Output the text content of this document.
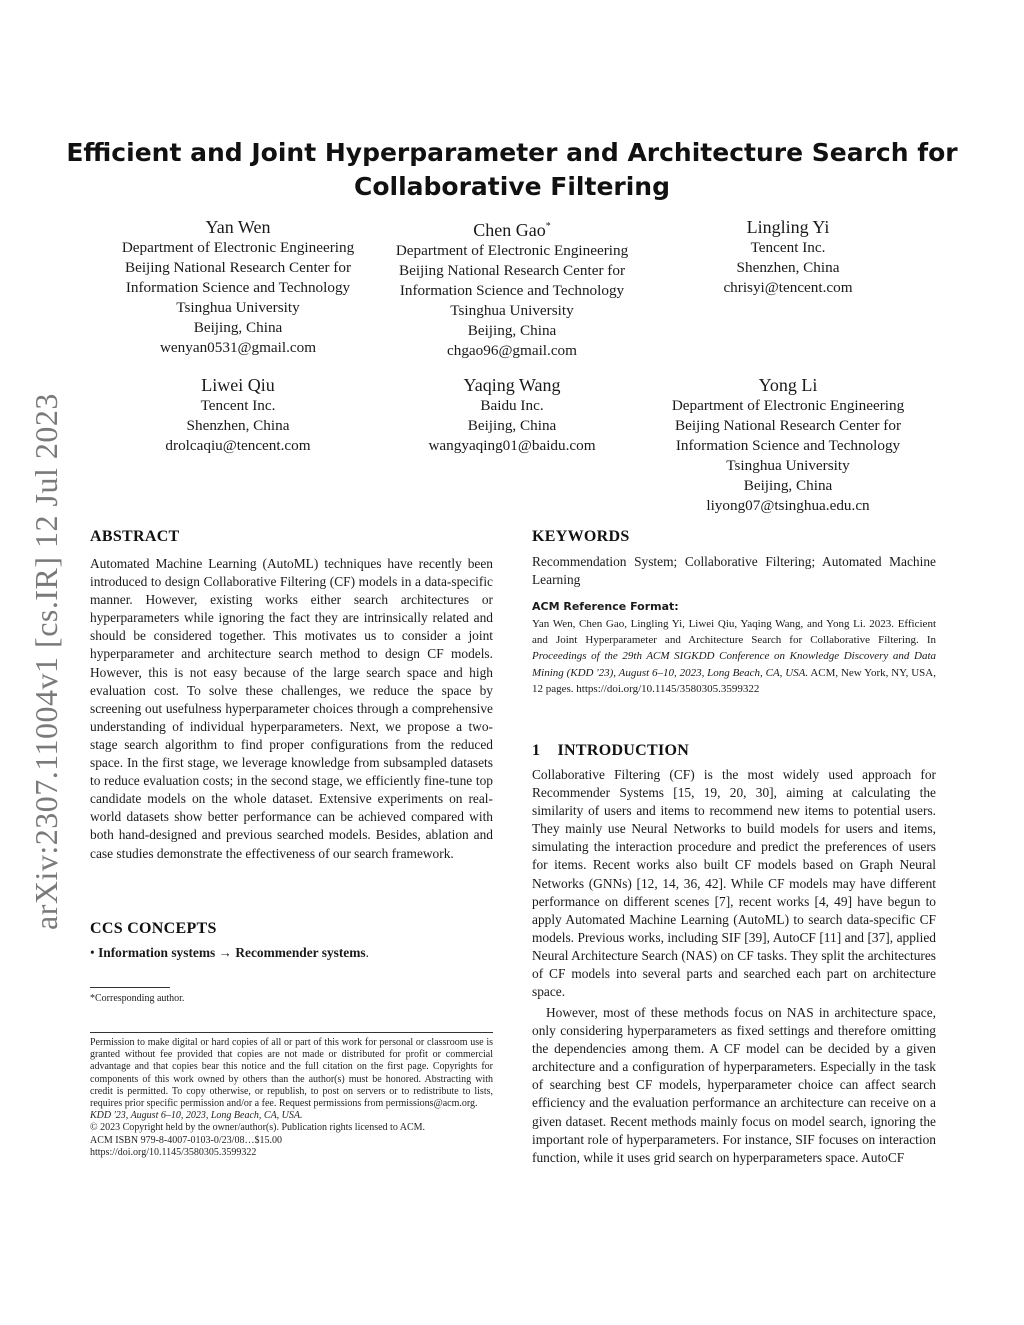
Efficient and Joint Hyperparameter and Architecture Search for Collaborative Filtering
arXiv:2307.11004v1 [cs.IR] 12 Jul 2023
Yan Wen
Department of Electronic Engineering
Beijing National Research Center for
Information Science and Technology
Tsinghua University
Beijing, China
wenyan0531@gmail.com
Chen Gao*
Department of Electronic Engineering
Beijing National Research Center for
Information Science and Technology
Tsinghua University
Beijing, China
chgao96@gmail.com
Lingling Yi
Tencent Inc.
Shenzhen, China
chrisyi@tencent.com
Liwei Qiu
Tencent Inc.
Shenzhen, China
drolcaqiu@tencent.com
Yaqing Wang
Baidu Inc.
Beijing, China
wangyaqing01@baidu.com
Yong Li
Department of Electronic Engineering
Beijing National Research Center for
Information Science and Technology
Tsinghua University
Beijing, China
liyong07@tsinghua.edu.cn
ABSTRACT
Automated Machine Learning (AutoML) techniques have recently been introduced to design Collaborative Filtering (CF) models in a data-specific manner. However, existing works either search architectures or hyperparameters while ignoring the fact they are intrinsically related and should be considered together. This motivates us to consider a joint hyperparameter and architecture search method to design CF models. However, this is not easy because of the large search space and high evaluation cost. To solve these challenges, we reduce the space by screening out usefulness hyperparameter choices through a comprehensive understanding of individual hyperparameters. Next, we propose a two-stage search algorithm to find proper configurations from the reduced space. In the first stage, we leverage knowledge from subsampled datasets to reduce evaluation costs; in the second stage, we efficiently fine-tune top candidate models on the whole dataset. Extensive experiments on real-world datasets show better performance can be achieved compared with both hand-designed and previous searched models. Besides, ablation and case studies demonstrate the effectiveness of our search framework.
CCS CONCEPTS
• Information systems → Recommender systems.
*Corresponding author.
Permission to make digital or hard copies of all or part of this work for personal or classroom use is granted without fee provided that copies are not made or distributed for profit or commercial advantage and that copies bear this notice and the full citation on the first page. Copyrights for components of this work owned by others than the author(s) must be honored. Abstracting with credit is permitted. To copy otherwise, or republish, to post on servers or to redistribute to lists, requires prior specific permission and/or a fee. Request permissions from permissions@acm.org.
KDD '23, August 6–10, 2023, Long Beach, CA, USA.
© 2023 Copyright held by the owner/author(s). Publication rights licensed to ACM.
ACM ISBN 979-8-4007-0103-0/23/08…$15.00
https://doi.org/10.1145/3580305.3599322
KEYWORDS
Recommendation System; Collaborative Filtering; Automated Machine Learning
ACM Reference Format:
Yan Wen, Chen Gao, Lingling Yi, Liwei Qiu, Yaqing Wang, and Yong Li. 2023. Efficient and Joint Hyperparameter and Architecture Search for Collaborative Filtering. In Proceedings of the 29th ACM SIGKDD Conference on Knowledge Discovery and Data Mining (KDD '23), August 6–10, 2023, Long Beach, CA, USA. ACM, New York, NY, USA, 12 pages. https://doi.org/10.1145/3580305.3599322
1    INTRODUCTION
Collaborative Filtering (CF) is the most widely used approach for Recommender Systems [15, 19, 20, 30], aiming at calculating the similarity of users and items to recommend new items to potential users. They mainly use Neural Networks to build models for users and items, simulating the interaction procedure and predict the preferences of users for items. Recent works also built CF models based on Graph Neural Networks (GNNs) [12, 14, 36, 42]. While CF models may have different performance on different scenes [7], recent works [4, 49] have begun to apply Automated Machine Learning (AutoML) to search data-specific CF models. Previous works, including SIF [39], AutoCF [11] and [37], applied Neural Architecture Search (NAS) on CF tasks. They split the architectures of CF models into several parts and searched each part on architecture space.
However, most of these methods focus on NAS in architecture space, only considering hyperparameters as fixed settings and therefore omitting the dependencies among them. A CF model can be decided by a given architecture and a configuration of hyperparameters. Especially in the task of searching best CF models, hyperparameter choice can affect search efficiency and the evaluation performance an architecture can receive on a given dataset. Recent methods mainly focus on model search, ignoring the important role of hyperparameters. For instance, SIF focuses on interaction function, while it uses grid search on hyperparameters space. AutoCF
